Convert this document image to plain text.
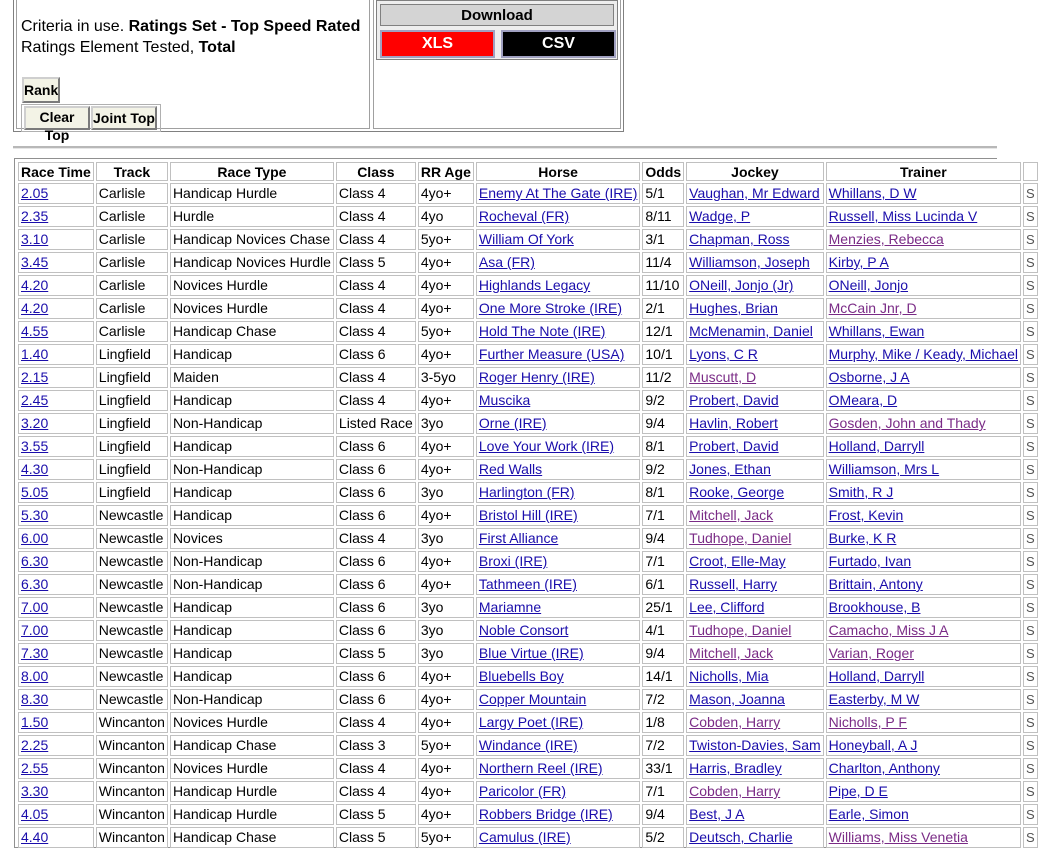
Criteria in use. Ratings Set - Top Speed Rated
Ratings Element Tested, Total
Rank
Clear Top
Joint Top
Download
XLS	CSV
Race Time	Track	Race Type	Class	RR Age	Horse	Odds	Jockey	Trainer	
2.05	Carlisle	Handicap Hurdle	Class 4	4yo+	Enemy At The Gate (IRE)	5/1	Vaughan, Mr Edward	Whillans, D W	S
2.35	Carlisle	Hurdle	Class 4	4yo	Rocheval (FR)	8/11	Wadge, P	Russell, Miss Lucinda V	S
3.10	Carlisle	Handicap Novices Chase	Class 4	5yo+	William Of York	3/1	Chapman, Ross	Menzies, Rebecca	S
3.45	Carlisle	Handicap Novices Hurdle	Class 5	4yo+	Asa (FR)	11/4	Williamson, Joseph	Kirby, P A	S
4.20	Carlisle	Novices Hurdle	Class 4	4yo+	Highlands Legacy	11/10	ONeill, Jonjo (Jr)	ONeill, Jonjo	S
4.20	Carlisle	Novices Hurdle	Class 4	4yo+	One More Stroke (IRE)	2/1	Hughes, Brian	McCain Jnr, D	S
4.55	Carlisle	Handicap Chase	Class 4	5yo+	Hold The Note (IRE)	12/1	McMenamin, Daniel	Whillans, Ewan	S
1.40	Lingfield	Handicap	Class 6	4yo+	Further Measure (USA)	10/1	Lyons, C R	Murphy, Mike / Keady, Michael	S
2.15	Lingfield	Maiden	Class 4	3-5yo	Roger Henry (IRE)	11/2	Muscutt, D	Osborne, J A	S
2.45	Lingfield	Handicap	Class 4	4yo+	Muscika	9/2	Probert, David	OMeara, D	S
3.20	Lingfield	Non-Handicap	Listed Race	3yo	Orne (IRE)	9/4	Havlin, Robert	Gosden, John and Thady	S
3.55	Lingfield	Handicap	Class 6	4yo+	Love Your Work (IRE)	8/1	Probert, David	Holland, Darryll	S
4.30	Lingfield	Non-Handicap	Class 6	4yo+	Red Walls	9/2	Jones, Ethan	Williamson, Mrs L	S
5.05	Lingfield	Handicap	Class 6	3yo	Harlington (FR)	8/1	Rooke, George	Smith, R J	S
5.30	Newcastle	Handicap	Class 6	4yo+	Bristol Hill (IRE)	7/1	Mitchell, Jack	Frost, Kevin	S
6.00	Newcastle	Novices	Class 4	3yo	First Alliance	9/4	Tudhope, Daniel	Burke, K R	S
6.30	Newcastle	Non-Handicap	Class 6	4yo+	Broxi (IRE)	7/1	Croot, Elle-May	Furtado, Ivan	S
6.30	Newcastle	Non-Handicap	Class 6	4yo+	Tathmeen (IRE)	6/1	Russell, Harry	Brittain, Antony	S
7.00	Newcastle	Handicap	Class 6	3yo	Mariamne	25/1	Lee, Clifford	Brookhouse, B	S
7.00	Newcastle	Handicap	Class 6	3yo	Noble Consort	4/1	Tudhope, Daniel	Camacho, Miss J A	S
7.30	Newcastle	Handicap	Class 5	3yo	Blue Virtue (IRE)	9/4	Mitchell, Jack	Varian, Roger	S
8.00	Newcastle	Handicap	Class 6	4yo+	Bluebells Boy	14/1	Nicholls, Mia	Holland, Darryll	S
8.30	Newcastle	Non-Handicap	Class 6	4yo+	Copper Mountain	7/2	Mason, Joanna	Easterby, M W	S
1.50	Wincanton	Novices Hurdle	Class 4	4yo+	Largy Poet (IRE)	1/8	Cobden, Harry	Nicholls, P F	S
2.25	Wincanton	Handicap Chase	Class 3	5yo+	Windance (IRE)	7/2	Twiston-Davies, Sam	Honeyball, A J	S
2.55	Wincanton	Novices Hurdle	Class 4	4yo+	Northern Reel (IRE)	33/1	Harris, Bradley	Charlton, Anthony	S
3.30	Wincanton	Handicap Hurdle	Class 4	4yo+	Paricolor (FR)	7/1	Cobden, Harry	Pipe, D E	S
4.05	Wincanton	Handicap Hurdle	Class 5	4yo+	Robbers Bridge (IRE)	9/4	Best, J A	Earle, Simon	S
4.40	Wincanton	Handicap Chase	Class 5	5yo+	Camulus (IRE)	5/2	Deutsch, Charlie	Williams, Miss Venetia	S
